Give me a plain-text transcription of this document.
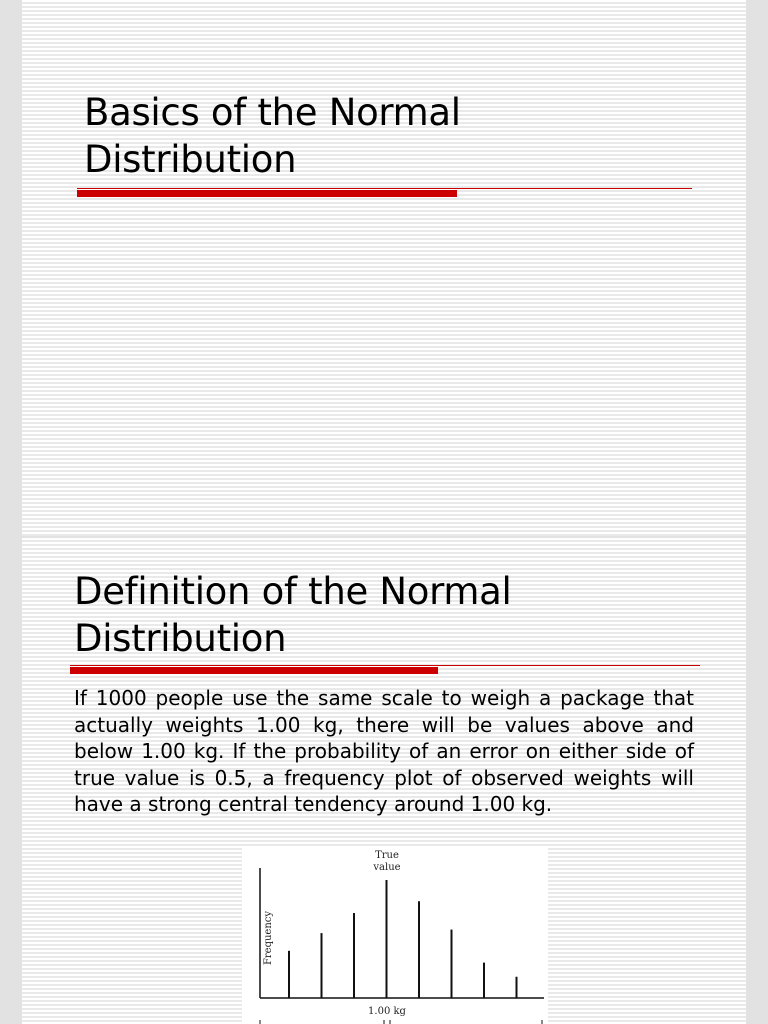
Basics of the Normal Distribution
Definition of the Normal Distribution

If 1000 people use the same scale to weigh a package that actually weights 1.00 kg, there will be values above and below 1.00 kg. If the probability of an error on either side of true value is 0.5, a frequency plot of observed weights will have a strong central tendency around 1.00 kg.

True
value
Frequency
1.00 kg
